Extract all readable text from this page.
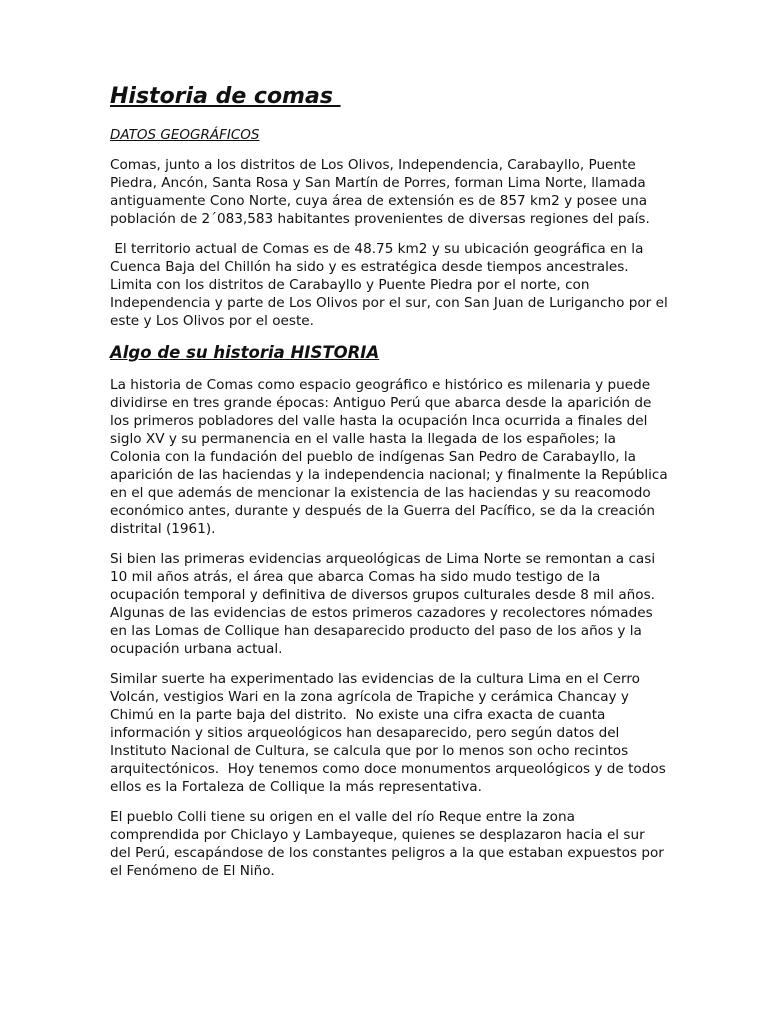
Historia de comas
DATOS GEOGRÁFICOS

Comas, junto a los distritos de Los Olivos, Independencia, Carabayllo, Puente Piedra, Ancón, Santa Rosa y San Martín de Porres, forman Lima Norte, llamada antiguamente Cono Norte, cuya área de extensión es de 857 km2 y posee una población de 2´083,583 habitantes provenientes de diversas regiones del país.

El territorio actual de Comas es de 48.75 km2 y su ubicación geográfica en la Cuenca Baja del Chillón ha sido y es estratégica desde tiempos ancestrales.  Limita con los distritos de Carabayllo y Puente Piedra por el norte, con Independencia y parte de Los Olivos por el sur, con San Juan de Lurigancho por el este y Los Olivos por el oeste.

Algo de su historia HISTORIA

La historia de Comas como espacio geográfico e histórico es milenaria y puede dividirse en tres grande épocas: Antiguo Perú que abarca desde la aparición de los primeros pobladores del valle hasta la ocupación Inca ocurrida a finales del siglo XV y su permanencia en el valle hasta la llegada de los españoles; la Colonia con la fundación del pueblo de indígenas San Pedro de Carabayllo, la aparición de las haciendas y la independencia nacional; y finalmente la República en el que además de mencionar la existencia de las haciendas y su reacomodo económico antes, durante y después de la Guerra del Pacífico, se da la creación distrital (1961).

Si bien las primeras evidencias arqueológicas de Lima Norte se remontan a casi 10 mil años atrás, el área que abarca Comas ha sido mudo testigo de la ocupación temporal y definitiva de diversos grupos culturales desde 8 mil años. Algunas de las evidencias de estos primeros cazadores y recolectores nómades en las Lomas de Collique han desaparecido producto del paso de los años y la ocupación urbana actual.

Similar suerte ha experimentado las evidencias de la cultura Lima en el Cerro Volcán, vestigios Wari en la zona agrícola de Trapiche y cerámica Chancay y Chimú en la parte baja del distrito.  No existe una cifra exacta de cuanta información y sitios arqueológicos han desaparecido, pero según datos del Instituto Nacional de Cultura, se calcula que por lo menos son ocho recintos arquitectónicos.  Hoy tenemos como doce monumentos arqueológicos y de todos ellos es la Fortaleza de Collique la más representativa.

El pueblo Colli tiene su origen en el valle del río Reque entre la zona comprendida por Chiclayo y Lambayeque, quienes se desplazaron hacia el sur del Perú, escapándose de los constantes peligros a la que estaban expuestos por el Fenómeno de El Niño.
